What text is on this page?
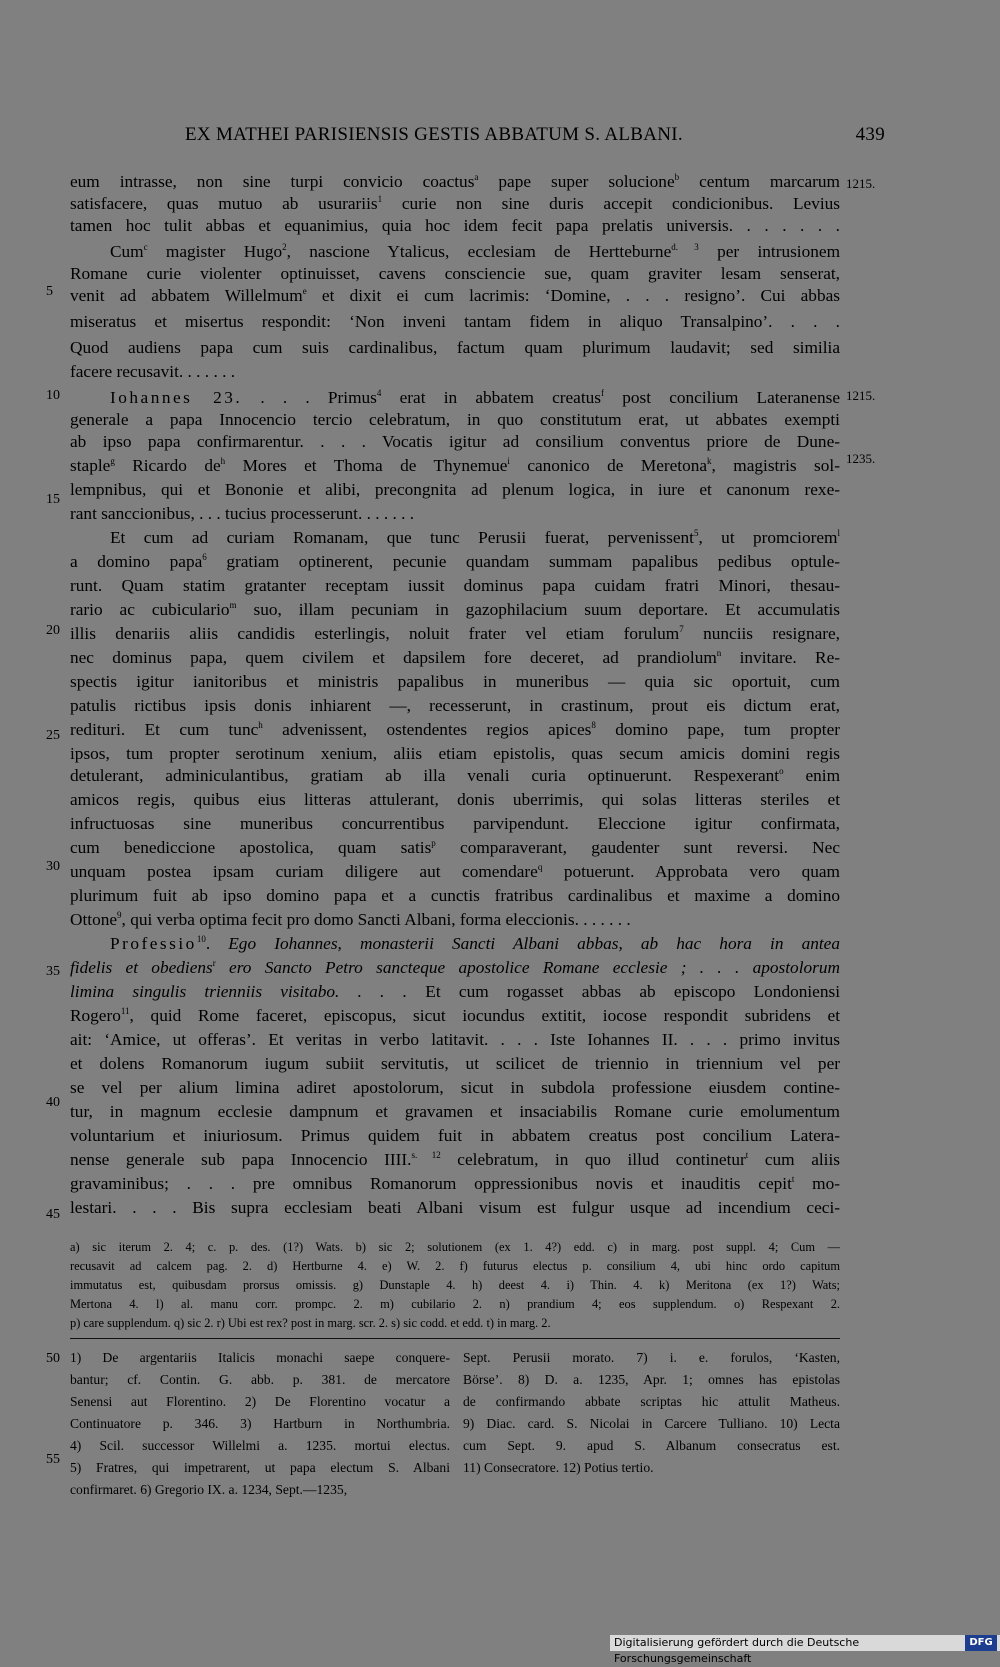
EX MATHEI PARISIENSIS GESTIS ABBATUM S. ALBANI.	439
5
10
15
20
25
30
35
40
45
50
55
1215.
1215.
1235.
eum intrasse, non sine turpi convicio coactus$^a$ pape super solucione$^b$ centum marcarum
satisfacere, quas mutuo ab usurariis$^1$ curie non sine duris accepit condicionibus. Levius
tamen hoc tulit abbas et equanimius, quia hoc idem fecit papa prelatis universis. . . . . . .
Cum$^c$ magister Hugo$^2$, nascione Ytalicus, ecclesiam de Hertteburne$^{d. 3}$ per intrusionem
Romane curie violenter optinuisset, cavens consciencie sue, quam graviter lesam senserat,
venit ad abbatem Willelmum$^e$ et dixit ei cum lacrimis: ‘Domine, . . . resigno’. Cui abbas
miseratus et misertus respondit: ‘Non inveni tantam fidem in aliquo Transalpino’. . . .
Quod audiens papa cum suis cardinalibus, factum quam plurimum laudavit; sed similia
facere recusavit. . . . . . .
Iohannes 23. . . . Primus$^4$ erat in abbatem creatus$^f$ post concilium Lateranense
generale a papa Innocencio tercio celebratum, in quo constitutum erat, ut abbates exempti
ab ipso papa confirmarentur. . . . Vocatis igitur ad consilium conventus priore de Dune-
staple$^g$ Ricardo $de^h$ Mores et Thoma de Thynemue$^i$ canonico de Meretona$^k$, magistris sol-
lempnibus, qui et Bononie et alibi, precongnita ad plenum logica, in iure et canonum rexe-
rant sanccionibus, . . . tucius processerunt. . . . . . .
Et cum ad curiam Romanam, que tunc Perusii fuerat, pervenissent$^5$, ut promciorem$^l$
a domino papa$^6$ gratiam optinerent, pecunie quandam summam papalibus pedibus optule-
runt. Quam statim gratanter receptam iussit dominus papa cuidam fratri Minori, thesau-
rario ac cubiculario$^m$ suo, illam pecuniam in gazophilacium suum deportare. Et accumulatis
illis denariis aliis candidis esterlingis, noluit frater vel etiam forulum$^7$ nunciis resignare,
nec dominus papa, quem civilem et dapsilem fore deceret, ad prandiolum$^n$ invitare. Re-
spectis igitur ianitoribus et ministris papalibus in muneribus — quia sic oportuit, cum
patulis rictibus ipsis donis inhiarent —, recesserunt, in crastinum, prout eis dictum erat,
redituri. Et cum tunc$^h$ advenissent, ostendentes regios apices$^8$ domino pape, tum propter
ipsos, tum propter serotinum xenium, aliis etiam epistolis, quas secum amicis domini regis
detulerant, adminiculantibus, gratiam ab illa venali curia optinuerunt. Respexerant$^o$ enim
amicos regis, quibus eius litteras attulerant, donis uberrimis, qui solas litteras steriles et
infructuosas sine muneribus concurrentibus parvipendunt. Eleccione igitur confirmata,
cum benediccione apostolica, quam satis$^p$ comparaverant, gaudenter sunt reversi. Nec
unquam postea ipsam curiam diligere aut comendare$^q$ potuerunt. Approbata vero quam
plurimum fuit ab ipso domino papa et a cunctis fratribus cardinalibus et maxime a domino
Ottone$^9$, qui verba optima fecit pro domo Sancti Albani, forma eleccionis. . . . . . .
Professio$^{10}$. Ego Iohannes, monasterii Sancti Albani abbas, ab hac hora in antea
fidelis et obediens$^r$ ero Sancto Petro sancteque apostolice Romane ecclesie ; . . . apostolorum
limina singulis trienniis visitabo. . . . Et cum rogasset abbas ab episcopo Londoniensi
Rogero$^{11}$, quid Rome faceret, episcopus, sicut iocundus extitit, iocose respondit subridens et
ait: ‘Amice, ut offeras’. Et veritas in verbo latitavit. . . . Iste Iohannes II. . . . primo invitus
et dolens Romanorum iugum subiit servitutis, ut scilicet de triennio in triennium vel per
se vel per alium limina adiret apostolorum, sicut in subdola professione eiusdem contine-
tur, in magnum ecclesie dampnum et gravamen et insaciabilis Romane curie emolumentum
voluntarium et iniuriosum. Primus quidem fuit in abbatem creatus post concilium Latera-
nense generale sub papa Innocencio IIII.$^{s. 12}$ celebratum, in quo illud continetur$^t$ cum aliis
gravaminibus; . . . pre omnibus Romanorum oppressionibus novis et inauditis cepit$^t$ mo-
lestari. . . . Bis supra ecclesiam beati Albani visum est fulgur usque ad incendium ceci-
a) sic iterum 2. 4; c. p. des. (1?) Wats. b) sic 2; solutionem (ex 1. 4?) edd. c) in marg. post suppl. 4; Cum —
recusavit ad calcem pag. 2. d) Hertburne 4. e) W. 2. f) futurus electus p. consilium 4, ubi hinc ordo capitum
immutatus est, quibusdam prorsus omissis. g) Dunstaple 4. h) deest 4. i) Thin. 4. k) Meritona (ex 1?) Wats;
Mertona 4. l) al. manu corr. prompc. 2. m) cubilario 2. n) prandium 4; eos supplendum. o) Respexant 2.
p) care supplendum. q) sic 2. r) Ubi est rex? post in marg. scr. 2. s) sic codd. et edd. t) in marg. 2.
1) De argentariis Italicis monachi saepe conquere-
bantur; cf. Contin. G. abb. p. 381. de mercatore
Senensi aut Florentino. 2) De Florentino vocatur a
Continuatore p. 346. 3) Hartburn in Northumbria.
4) Scil. successor Willelmi a. 1235. mortui electus.
5) Fratres, qui impetrarent, ut papa electum S. Albani
confirmaret. 6) Gregorio IX. a. 1234, Sept.—1235,
Sept. Perusii morato. 7) i. e. forulos, ‘Kasten,
Börse’. 8) D. a. 1235, Apr. 1; omnes has epistolas
de confirmando abbate scriptas hic attulit Matheus.
9) Diac. card. S. Nicolai in Carcere Tulliano. 10) Lecta
cum Sept. 9. apud S. Albanum consecratus est.
11) Consecratore. 12) Potius tertio.
Digitalisierung gefördert durch die Deutsche Forschungsgemeinschaft
DFG
